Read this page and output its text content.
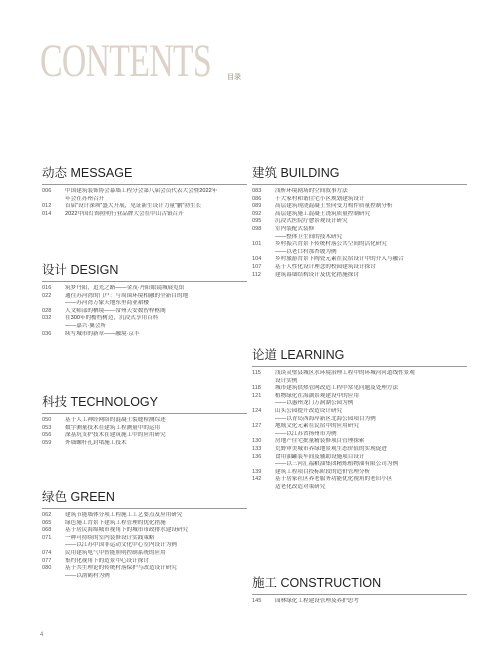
CONTENTS 目录
动态 MESSAGE
006	中国建筑装饰协会幕墙工程分会第八届会员代表大会暨2022年
年会在苏州召开
012	首届“设计深圳”盛大开展，见证新生设计力量“鹏”勃生长
014	2022中国灯饰照明行业品牌大会在中山古镇召开
设计 DESIGN
016	筑梦丹阳，追光之路——金茂·丹阳眼镜城展览馆
022	通往苏河湾的门户：与周围环境相融的全新目的地
——苏河湾万象天地东里商业裙楼
028	人文师部的栖境——常州天安数智梓枢阁
032	在300年的檐档树边，沉浸式享用百科
——嘉兴·翼会所
036	续写城市的新章——融境·京丰
科技 TECHNOLOGY
050	基于人工神经网络的混凝土裂缝检测综述
053	数字测量技术在建筑工程测量中的运用
056	深基坑支护技术在建筑施工中的应用研究
059	外墙螺杆孔封堵施工技术
绿色 GREEN
062	建筑节能墙体分项工程施工工艺要点及应用研究
065	绿色施工背景下建筑工程管理的优化措施
068	基于居民海绵城市视角下的城市市政排水建设研究
071	一种可持续的室内装修设计实践策略
——以江苏中国非运动文化中心室内设计为例
074	民用建筑电气中智能照明控制系统的应用
077	集约化视角下的造景中心设计探讨
080	基于共生理论的传统村落保护与改造设计研究
——以沏鹤村为例
建筑 BUILDING
083	浅析环境剧场的空间叙事方法
086	十大家村和谐住宅小区规划建筑设计
089	高层建筑现浇混凝土竖向受力构件质量控制分析
092	高层建筑施工混凝土浇筑质量控制研究
095	沉浸式医院疗愈景观设计研究
098	室内装配式装修
——整体卫生间的技术研究
101	乡村振兴背景下传统村落公共空间的活化研究
——以老口村那杏坡为例
104	乡村旅游背景下陶瓷元素在民宿设计中的介入与融合
107	基于人性化设计理念的校园建筑设计探讨
112	建筑幕墙结构设计及优化措施探讨
论道 LEARNING
115	浅谈灵璧县城区水环境治理工程中的环城河河道线性景观
设计实例
118	城市建筑供热管网改造工程中常见问题及处理方法
121	植物绿化在海湖景观建设中的应用
——以惠州龙门万洞湖公园为例
124	山头公园提升改造设计研究
——以青岛西海岸新区北海公园项目为例
127	地域文化元素在民宿中的应用研究
——以江苏省扬州市为例
130	房地产住宅批量精装修项目管理探索
133	荒野审美城市养绿地景观生态价值的实现促进
136	食用油罐装车间及辅助设施项目设计
——以三河汇福粮油集团精炼植物油有限公司为例
139	建筑工程项目投标阶段的造价管理分析
142	基于居家社区养老服务功能优化视角的老旧小区
适老化改造对策研究
施工 CONSTRUCTION
145	园林绿化工程建设管理及养护思考
4
